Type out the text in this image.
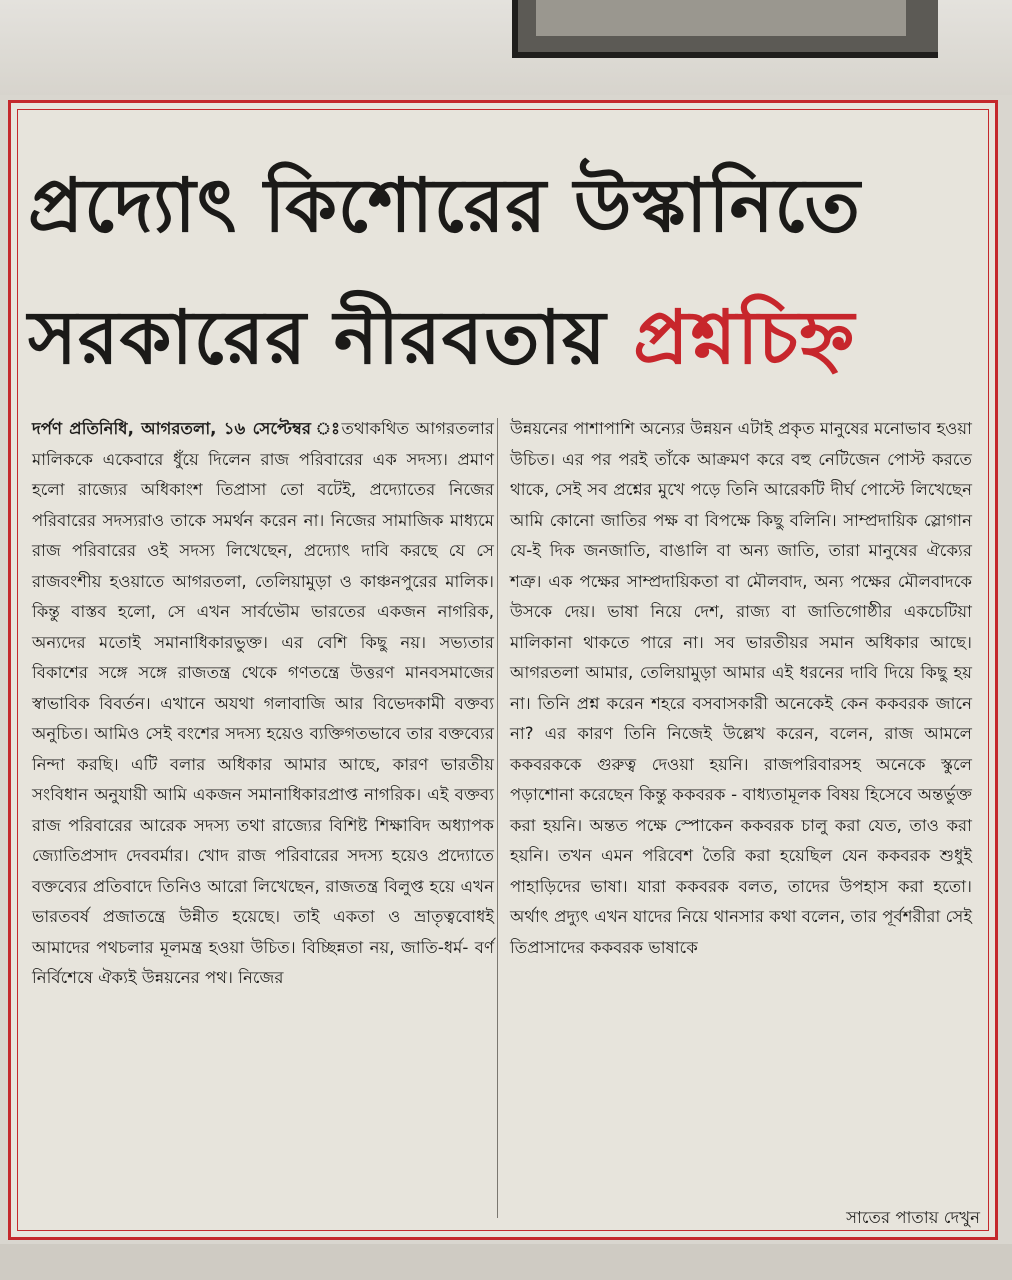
প্রদ্যোৎ কিশোরের উস্কানিতে
সরকারের নীরবতায় প্রশ্নচিহ্ন

দর্পণ প্রতিনিধি, আগরতলা, ১৬ সেপ্টেম্বর ঃতথাকথিত আগরতলার মালিককে একেবারে ধুঁয়ে দিলেন রাজ পরিবারের এক সদস্য। প্রমাণ হলো রাজ্যের অধিকাংশ তিপ্রাসা তো বটেই, প্রদ্যোতের নিজের পরিবারের সদস্যরাও তাকে সমর্থন করেন না। নিজের সামাজিক মাধ্যমে রাজ পরিবারের ওই সদস্য লিখেছেন, প্রদ্যোৎ দাবি করছে যে সে রাজবংশীয় হওয়াতে আগরতলা, তেলিয়ামুড়া ও কাঞ্চনপুরের মালিক। কিন্তু বাস্তব হলো, সে এখন সার্বভৌম ভারতের একজন নাগরিক, অন্যদের মতোই সমানাধিকারভুক্ত। এর বেশি কিছু নয়। সভ্যতার বিকাশের সঙ্গে সঙ্গে রাজতন্ত্র থেকে গণতন্ত্রে উত্তরণ মানবসমাজের স্বাভাবিক বিবর্তন। এখানে অযথা গলাবাজি আর বিভেদকামী বক্তব্য অনুচিত। আমিও সেই বংশের সদস্য হয়েও ব্যক্তিগতভাবে তার বক্তব্যের নিন্দা করছি। এটি বলার অধিকার আমার আছে, কারণ ভারতীয় সংবিধান অনুযায়ী আমি একজন সমানাধিকারপ্রাপ্ত নাগরিক। এই বক্তব্য রাজ পরিবারের আরেক সদস্য তথা রাজ্যের বিশিষ্ট শিক্ষাবিদ অধ্যাপক জ্যোতিপ্রসাদ দেববর্মার। খোদ রাজ পরিবারের সদস্য হয়েও প্রদ্যোতে বক্তব্যের প্রতিবাদে তিনিও আরো লিখেছেন, রাজতন্ত্র বিলুপ্ত হয়ে এখন ভারতবর্ষ প্রজাতন্ত্রে উন্নীত হয়েছে। তাই একতা ও ভ্রাতৃত্ববোধই আমাদের পথচলার মূলমন্ত্র হওয়া উচিত। বিচ্ছিন্নতা নয়, জাতি-ধর্ম- বর্ণ নির্বিশেষে ঐক্যই উন্নয়নের পথ। নিজের

উন্নয়নের পাশাপাশি অন্যের উন্নয়ন এটাই প্রকৃত মানুষের মনোভাব হওয়া উচিত। এর পর পরই তাঁকে আক্রমণ করে বহু নেটিজেন পোস্ট করতে থাকে, সেই সব প্রশ্নের মুখে পড়ে তিনি আরেকটি দীর্ঘ পোস্টে লিখেছেন আমি কোনো জাতির পক্ষ বা বিপক্ষে কিছু বলিনি। সাম্প্রদায়িক স্লোগান যে-ই দিক জনজাতি, বাঙালি বা অন্য জাতি, তারা মানুষের ঐক্যের শত্রু। এক পক্ষের সাম্প্রদায়িকতা বা মৌলবাদ, অন্য পক্ষের মৌলবাদকে উসকে দেয়। ভাষা নিয়ে দেশ, রাজ্য বা জাতিগোষ্ঠীর একচেটিয়া মালিকানা থাকতে পারে না। সব ভারতীয়র সমান অধিকার আছে। আগরতলা আমার, তেলিয়ামুড়া আমার এই ধরনের দাবি দিয়ে কিছু হয় না। তিনি প্রশ্ন করেন শহরে বসবাসকারী অনেকেই কেন ককবরক জানে না? এর কারণ তিনি নিজেই উল্লেখ করেন, বলেন, রাজ আমলে ককবরককে গুরুত্ব দেওয়া হয়নি। রাজপরিবারসহ অনেকে স্কুলে পড়াশোনা করেছেন কিন্তু ককবরক - বাধ্যতামূলক বিষয় হিসেবে অন্তর্ভুক্ত করা হয়নি। অন্তত পক্ষে স্পোকেন ককবরক চালু করা যেত, তাও করা হয়নি। তখন এমন পরিবেশ তৈরি করা হয়েছিল যেন ককবরক শুধুই পাহাড়িদের ভাষা। যারা ককবরক বলত, তাদের উপহাস করা হতো। অর্থাৎ প্রদ্যুৎ এখন যাদের নিয়ে থানসার কথা বলেন, তার পূর্বশরীরা সেই তিপ্রাসাদের ককবরক ভাষাকে

সাতের পাতায় দেখুন
